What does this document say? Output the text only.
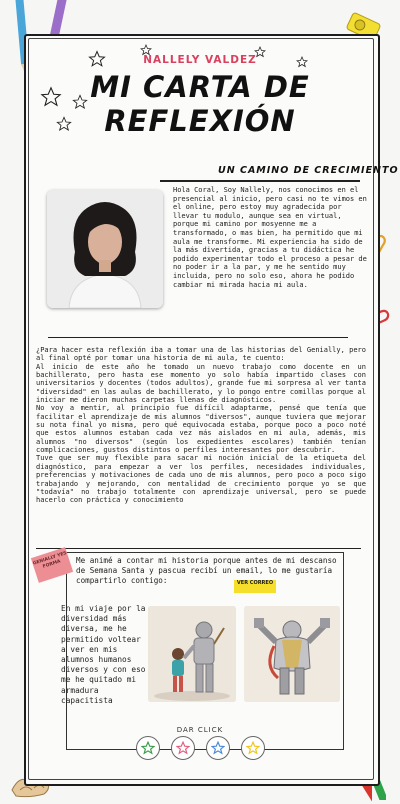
NALLELY VALDEZ
MI CARTA DE
REFLEXIÓN
UN CAMINO DE CRECIMIENTO
Hola Coral, Soy Nallely, nos conocimos en el presencial al inicio, pero casi no te vimos en el online, pero estoy muy agradecida por llevar tu modulo, aunque sea en virtual, porque mi camino por mosyenne me a transformado, o mas bien, ha permitido que mi aula me transforme. Mi experiencia ha sido de la más divertida, gracias a tu didáctica he podido experimentar todo el proceso a pesar de no poder ir a la par, y me he sentido muy incluida, pero no solo eso, ahora he podido cambiar mi mirada hacia mi aula.

¿Para hacer esta reflexión iba a tomar una de las historias del Genially, pero al final opté por tomar una historia de mi aula, te cuento:

Al inicio de este año he tomado un nuevo trabajo como docente en un bachillerato, pero hasta ese momento yo solo había impartido clases con universitarios y docentes (todos adultos), grande fue mi sorpresa al ver tanta "diversidad" en las aulas de bachillerato, y lo pongo entre comillas porque al iniciar me dieron muchas carpetas llenas de diagnósticos.

No voy a mentir, al principio fue difícil adaptarme, pensé que tenía que facilitar el aprendizaje de mis alumnos "diversos", aunque tuviera que mejorar su nota final yo misma, pero qué equivocada estaba, porque poco a poco noté que estos alumnos estaban cada vez más aislados en mi aula, además, mis alumnos "no diversos" (según los expedientes escolares) también tenían complicaciones, gustos distintos o perfiles interesantes por descubrir.

Tuve que ser muy flexible para sacar mi noción inicial de la etiqueta del diagnóstico, para empezar a ver los perfiles, necesidades individuales, preferencias y motivaciones de cada uno de mis alumnos, pero poco a poco sigo trabajando y mejorando, con mentalidad de crecimiento porque yo se que "todavía" no trabajo totalmente con aprendizaje universal, pero se puede hacerlo con práctica y conocimiento

GENIALLY YES FORMA	Me animé a contar mi historia porque antes de mi descanso de Semana Santa y pascua recibí un email, lo me gustaría compartirlo contigo:	VER CORREO
En mi viaje por la diversidad más diversa, me he permitido voltear a ver en mis alumnos humanos diversos y con eso me he quitado mi armadura capacitista
DAR CLICK
